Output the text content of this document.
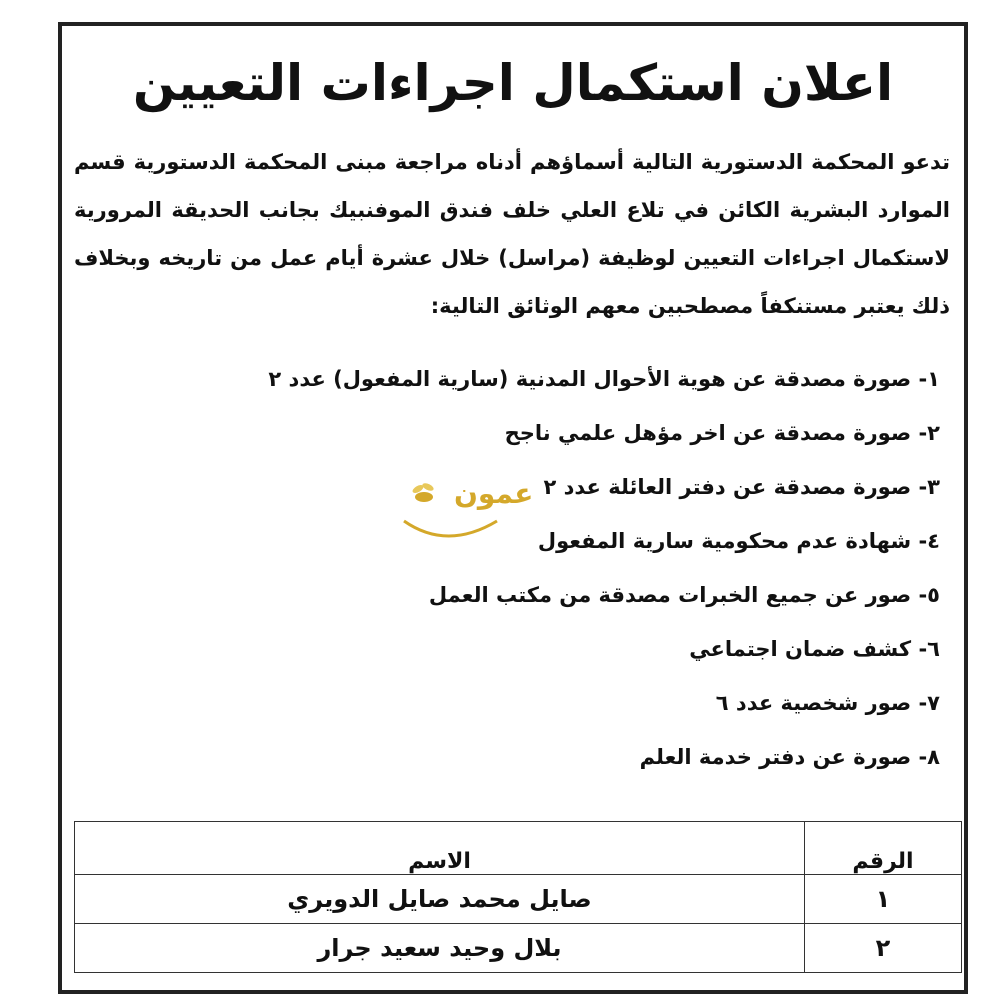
اعلان استكمال اجراءات التعيين
تدعو المحكمة الدستورية التالية أسماؤهم أدناه مراجعة مبنى المحكمة الدستورية قسم الموارد البشرية الكائن في تلاع العلي خلف فندق الموفنبيك بجانب الحديقة المرورية لاستكمال اجراءات التعيين لوظيفة (مراسل) خلال عشرة أيام عمل من تاريخه وبخلاف ذلك يعتبر مستنكفاً مصطحبين معهم الوثائق التالية:
١- صورة مصدقة عن هوية الأحوال المدنية (سارية المفعول) عدد ٢
٢- صورة مصدقة عن اخر مؤهل علمي ناجح
٣- صورة مصدقة عن دفتر العائلة عدد ٢
٤- شهادة عدم محكومية سارية المفعول
٥- صور عن جميع الخبرات مصدقة من مكتب العمل
٦- كشف ضمان اجتماعي
٧- صور شخصية عدد ٦
٨- صورة عن دفتر خدمة العلم
عمون
الرقم	الاسم
١	صايل محمد صايل الدويري
٢	بلال وحيد سعيد جرار
